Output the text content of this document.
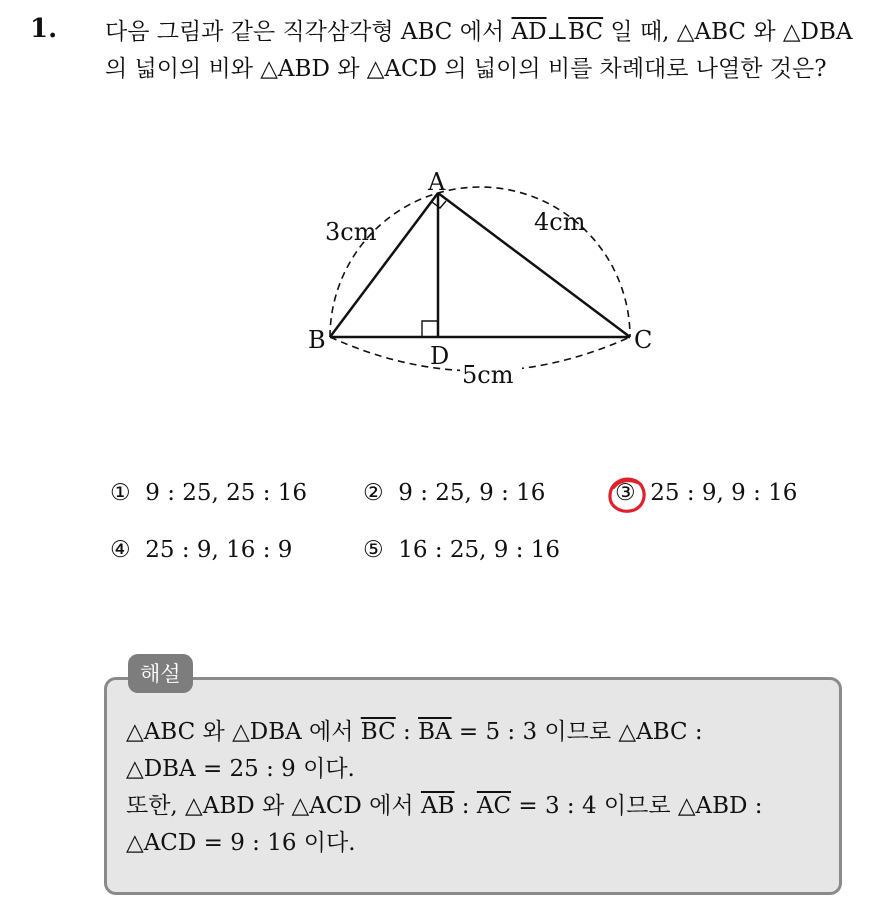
1. 다음 그림과 같은 직각삼각형 ABC 에서 $\overline{AD}\perp\overline{BC}$ 일 때, △ABC 와 △DBA 의 넓이의 비와 △ABD 와 △ACD 의 넓이의 비를 차례대로 나열한 것은?
A
B	C
D
3cm	4cm
5cm
① 9 : 25, 25 : 16 ② 9 : 25, 9 : 16	③ 25 : 9, 9 : 16
④ 25 : 9, 16 : 9	⑤ 16 : 25, 9 : 16
해설
△ABC 와 △DBA 에서 $\overline{BC}$ : $\overline{BA} = 5$ : 3 이므로 △ABC :
△DBA = 25 : 9 이다.
또한, △ABD 와 △ACD 에서 $\overline{AB}$ : $\overline{AC} = 3$ : 4 이므로 △ABD :
△ACD = 9 : 16 이다.
